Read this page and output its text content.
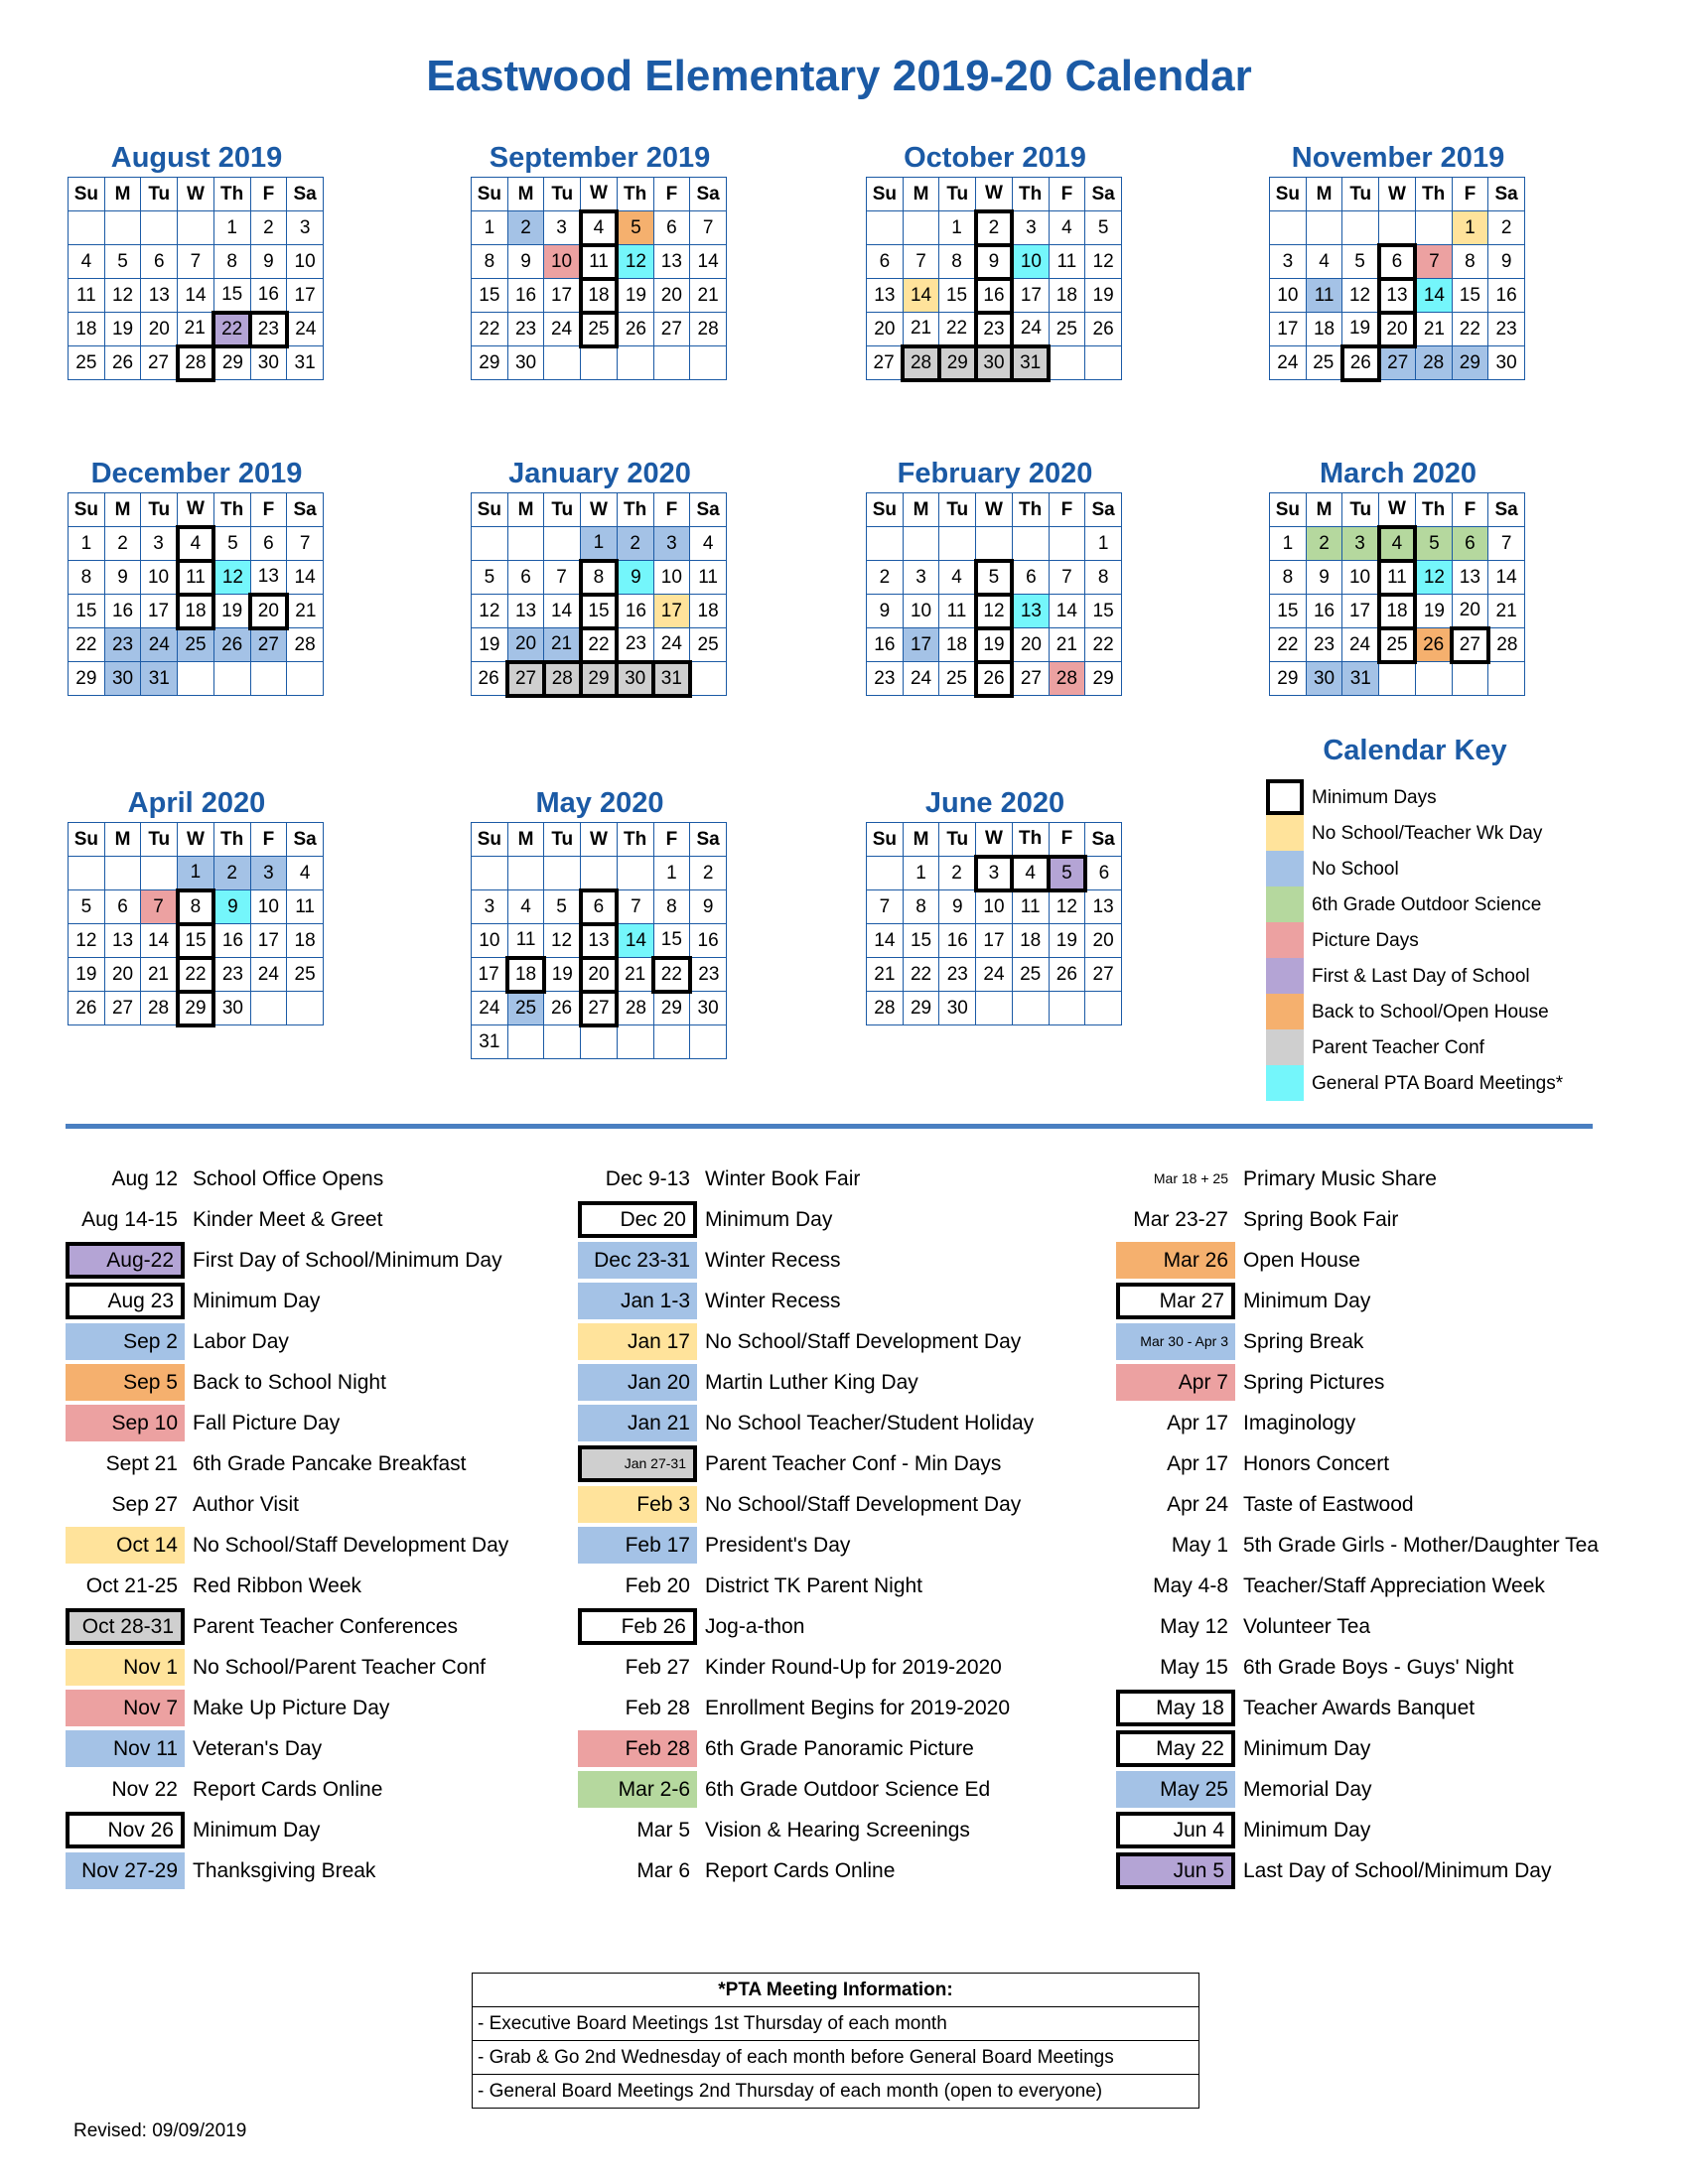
Eastwood Elementary 2019-20 Calendar
August 2019
Su	M	Tu	W	Th	F	Sa
				1	2	3
4	5	6	7	8	9	10
11	12	13	14	15	16	17
18	19	20	21	22	23	24
25	26	27	28	29	30	31
September 2019
Su	M	Tu	W	Th	F	Sa
1	2	3	4	5	6	7
8	9	10	11	12	13	14
15	16	17	18	19	20	21
22	23	24	25	26	27	28
29	30					
October 2019
Su	M	Tu	W	Th	F	Sa
		1	2	3	4	5
6	7	8	9	10	11	12
13	14	15	16	17	18	19
20	21	22	23	24	25	26
27	28	29	30	31		
November 2019
Su	M	Tu	W	Th	F	Sa
					1	2
3	4	5	6	7	8	9
10	11	12	13	14	15	16
17	18	19	20	21	22	23
24	25	26	27	28	29	30
December 2019
Su	M	Tu	W	Th	F	Sa
1	2	3	4	5	6	7
8	9	10	11	12	13	14
15	16	17	18	19	20	21
22	23	24	25	26	27	28
29	30	31				
January 2020
Su	M	Tu	W	Th	F	Sa
			1	2	3	4
5	6	7	8	9	10	11
12	13	14	15	16	17	18
19	20	21	22	23	24	25
26	27	28	29	30	31	
February 2020
Su	M	Tu	W	Th	F	Sa
						1
2	3	4	5	6	7	8
9	10	11	12	13	14	15
16	17	18	19	20	21	22
23	24	25	26	27	28	29
March 2020
Su	M	Tu	W	Th	F	Sa
1	2	3	4	5	6	7
8	9	10	11	12	13	14
15	16	17	18	19	20	21
22	23	24	25	26	27	28
29	30	31				
April 2020
Su	M	Tu	W	Th	F	Sa
			1	2	3	4
5	6	7	8	9	10	11
12	13	14	15	16	17	18
19	20	21	22	23	24	25
26	27	28	29	30		
May 2020
Su	M	Tu	W	Th	F	Sa
					1	2
3	4	5	6	7	8	9
10	11	12	13	14	15	16
17	18	19	20	21	22	23
24	25	26	27	28	29	30
31						
June 2020
Su	M	Tu	W	Th	F	Sa
	1	2	3	4	5	6
7	8	9	10	11	12	13
14	15	16	17	18	19	20
21	22	23	24	25	26	27
28	29	30				
Calendar Key
Minimum Days
No School/Teacher Wk Day
No School
6th Grade Outdoor Science
Picture Days
First & Last Day of School
Back to School/Open House
Parent Teacher Conf
General PTA Board Meetings*
Aug 12 School Office Opens
Aug 14-15 Kinder Meet & Greet
Aug-22 First Day of School/Minimum Day
Aug 23 Minimum Day
Sep 2 Labor Day
Sep 5 Back to School Night
Sep 10 Fall Picture Day
Sept 21 6th Grade Pancake Breakfast
Sep 27 Author Visit
Oct 14 No School/Staff Development Day
Oct 21-25 Red Ribbon Week
Oct 28-31 Parent Teacher Conferences
Nov 1 No School/Parent Teacher Conf
Nov 7 Make Up Picture Day
Nov 11 Veteran's Day
Nov 22 Report Cards Online
Nov 26 Minimum Day
Nov 27-29 Thanksgiving Break
Dec 9-13 Winter Book Fair
Dec 20 Minimum Day
Dec 23-31 Winter Recess
Jan 1-3 Winter Recess
Jan 17 No School/Staff Development Day
Jan 20 Martin Luther King Day
Jan 21 No School Teacher/Student Holiday
Jan 27-31 Parent Teacher Conf - Min Days
Feb 3 No School/Staff Development Day
Feb 17 President's Day
Feb 20 District TK Parent Night
Feb 26 Jog-a-thon
Feb 27 Kinder Round-Up for 2019-2020
Feb 28 Enrollment Begins for 2019-2020
Feb 28 6th Grade Panoramic Picture
Mar 2-6 6th Grade Outdoor Science Ed
Mar 5 Vision & Hearing Screenings
Mar 6 Report Cards Online
Mar 18 + 25 Primary Music Share
Mar 23-27 Spring Book Fair
Mar 26 Open House
Mar 27 Minimum Day
Mar 30 - Apr 3 Spring Break
Apr 7 Spring Pictures
Apr 17 Imaginology
Apr 17 Honors Concert
Apr 24 Taste of Eastwood
May 1 5th Grade Girls - Mother/Daughter Tea
May 4-8 Teacher/Staff Appreciation Week
May 12 Volunteer Tea
May 15 6th Grade Boys - Guys' Night
May 18 Teacher Awards Banquet
May 22 Minimum Day
May 25 Memorial Day
Jun 4 Minimum Day
Jun 5 Last Day of School/Minimum Day
*PTA Meeting Information:
- Executive Board Meetings 1st Thursday of each month
- Grab & Go 2nd Wednesday of each month before General Board Meetings
- General Board Meetings 2nd Thursday of each month (open to everyone)
Revised: 09/09/2019
